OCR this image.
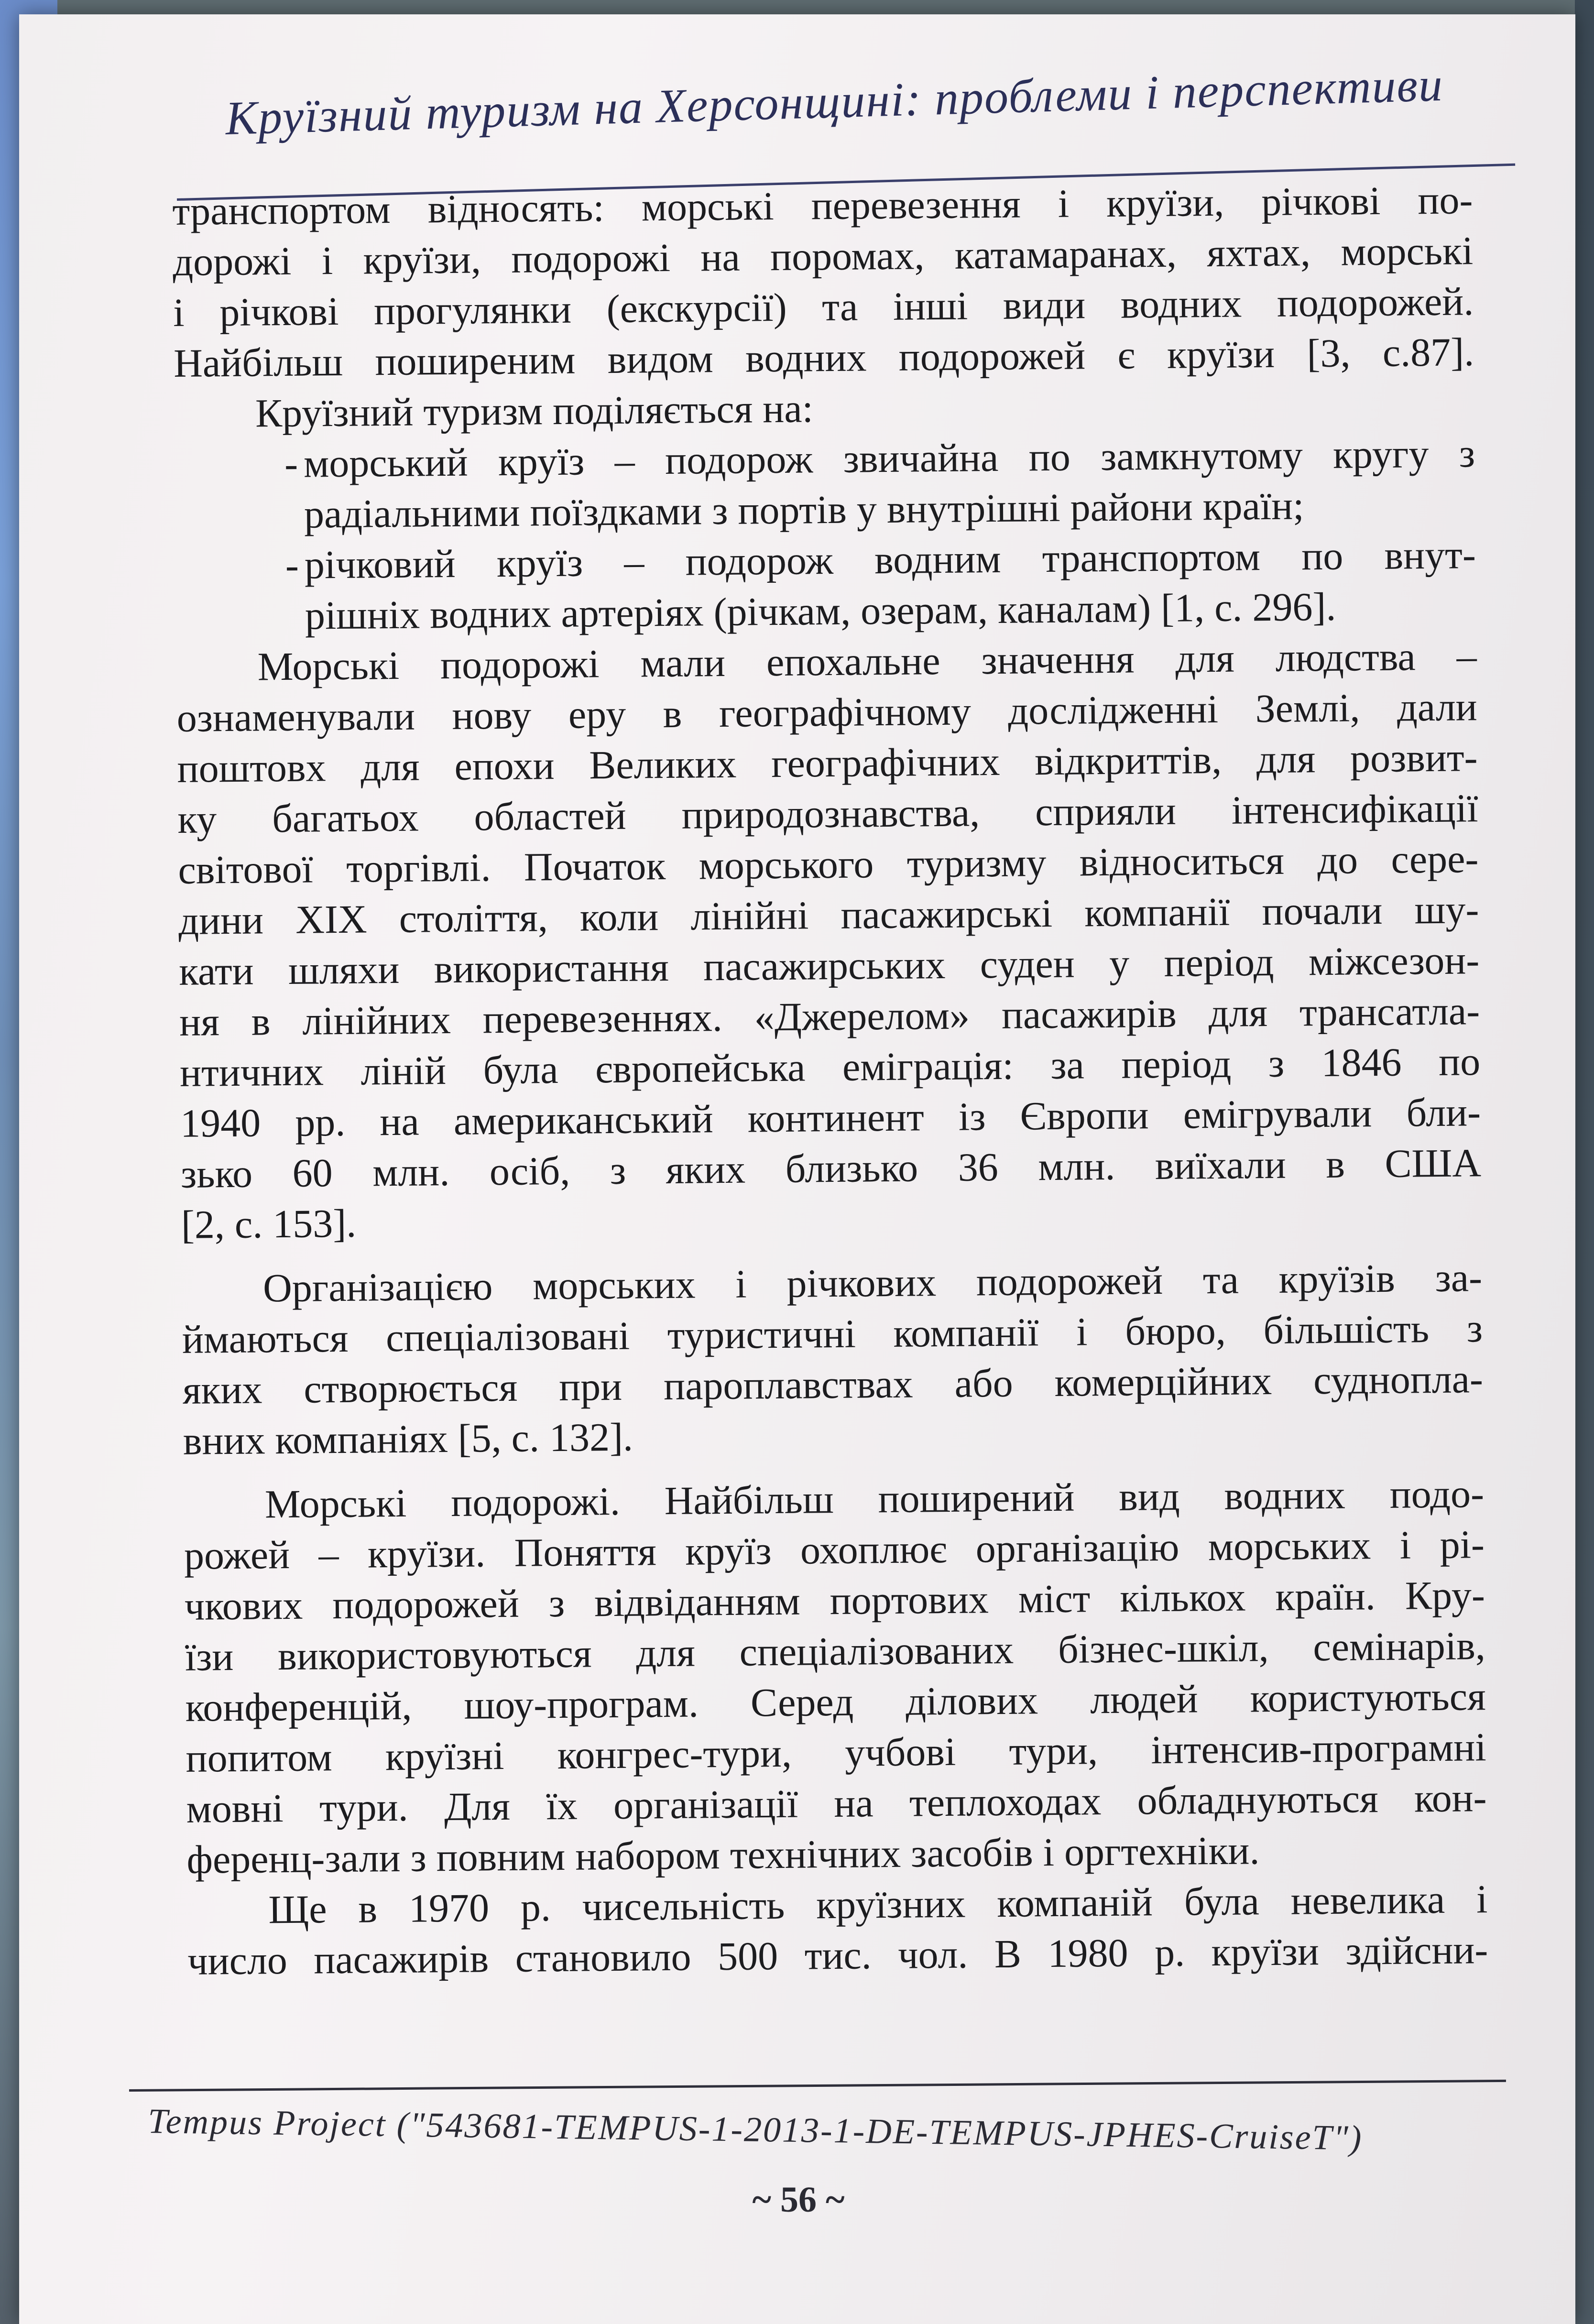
Круїзний туризм на Херсонщині: проблеми і перспективи
транспортом відносять: морські перевезення і круїзи, річкові по-
дорожі і круїзи, подорожі на поромах, катамаранах, яхтах, морські
і річкові прогулянки (екскурсії) та інші види водних подорожей.
Найбільш поширеним видом водних подорожей є круїзи [3, с.87].
Круїзний туризм поділяється на:
- морський круїз – подорож звичайна по замкнутому кругу з
радіальними поїздками з портів у внутрішні райони країн;
- річковий круїз – подорож водним транспортом по внут-
рішніх водних артеріях (річкам, озерам, каналам) [1, с. 296].
Морські подорожі мали епохальне значення для людства –
ознаменували нову еру в географічному дослідженні Землі, дали
поштовх для епохи Великих географічних відкриттів, для розвит-
ку багатьох областей природознавства, сприяли інтенсифікації
світової торгівлі. Початок морського туризму відноситься до сере-
дини XIX століття, коли лінійні пасажирські компанії почали шу-
кати шляхи використання пасажирських суден у період міжсезон-
ня в лінійних перевезеннях. «Джерелом» пасажирів для трансатла-
нтичних ліній була європейська еміграція: за період з 1846 по
1940 рр. на американський континент із Європи емігрували бли-
зько 60 млн. осіб, з яких близько 36 млн. виїхали в США
[2, с. 153].
Організацією морських і річкових подорожей та круїзів за-
ймаються спеціалізовані туристичні компанії і бюро, більшість з
яких створюється при пароплавствах або комерційних суднопла-
вних компаніях [5, с. 132].
Морські подорожі. Найбільш поширений вид водних подо-
рожей – круїзи. Поняття круїз охоплює організацію морських і рі-
чкових подорожей з відвіданням портових міст кількох країн. Кру-
їзи використовуються для спеціалізованих бізнес-шкіл, семінарів,
конференцій, шоу-програм. Серед ділових людей користуються
попитом круїзні конгрес-тури, учбові тури, інтенсив-програмні
мовні тури. Для їх організації на теплоходах обладнуються кон-
ференц-зали з повним набором технічних засобів і оргтехніки.
Ще в 1970 р. чисельність круїзних компаній була невелика і
число пасажирів становило 500 тис. чол. В 1980 р. круїзи здійсни-
Tempus Project ("543681-TEMPUS-1-2013-1-DE-TEMPUS-JPHES-CruiseT")
~ 56 ~
